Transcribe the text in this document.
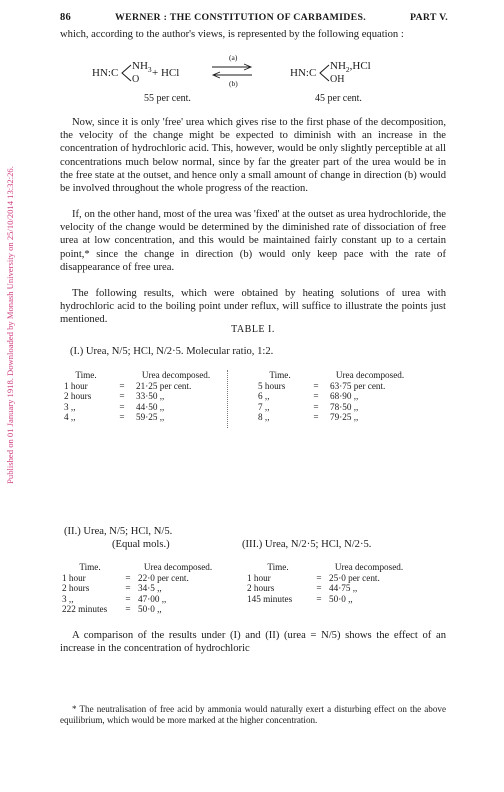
Published on 01 January 1918. Downloaded by Monash University on 25/10/2014 13:32:26.
86	WERNER : THE CONSTITUTION OF CARBAMIDES.	PART V.

which, according to the author's views, is represented by the following equation :

HN:C
$NH_3$
O
+ HCl
(a)
(b)
HN:C
$NH_2,HCl$
OH
55 per cent.	45 per cent.

Now, since it is only 'free' urea which gives rise to the first phase of the decomposition, the velocity of the change might be expected to diminish with an increase in the concentration of hydrochloric acid. This, however, would be only slightly perceptible at all concentrations much below normal, since by far the greater part of the urea would be in the free state at the outset, and hence only a small amount of change in direction (b) would be involved throughout the whole progress of the reaction.

If, on the other hand, most of the urea was 'fixed' at the outset as urea hydrochloride, the velocity of the change would be determined by the diminished rate of dissociation of free urea at low concentration, and this would be maintained fairly constant up to a certain point,* since the change in direction (b) would only keep pace with the rate of disappearance of free urea.

The following results, which were obtained by heating solutions of urea with hydrochloric acid to the boiling point under reflux, will suffice to illustrate the points just mentioned.

TABLE I.
(I.) Urea, N/5; HCl, N/2·5. Molecular ratio, 1:2.
Time.	Urea decomposed.
1 hour	=	21·25 per cent.
2 hours	=	33·50 ,,
3 ,,	=	44·50 ,,
4 ,,	=	59·25 ,,
Time.	Urea decomposed.
5 hours	=	63·75 per cent.
6 ,,	=	68·90 ,,
7 ,,	=	78·50 ,,
8 ,,	=	79·25 ,,
(II.) Urea, N/5; HCl, N/5.
(Equal mols.)	(III.) Urea, N/2·5; HCl, N/2·5.
Time.	Urea decomposed.
1 hour	= 22·0 per cent.
2 hours	= 34·5 ,,
3 ,,	= 47·00 ,,
222 minutes	= 50·0 ,,
Time.	Urea decomposed.
1 hour	= 25·0 per cent.
2 hours	= 44·75 ,,
145 minutes	= 50·0 ,,

A comparison of the results under (I) and (II) (urea = N/5) shows the effect of an increase in the concentration of hydrochloric

* The neutralisation of free acid by ammonia would naturally exert a disturbing effect on the above equilibrium, which would be more marked at the higher concentration.
